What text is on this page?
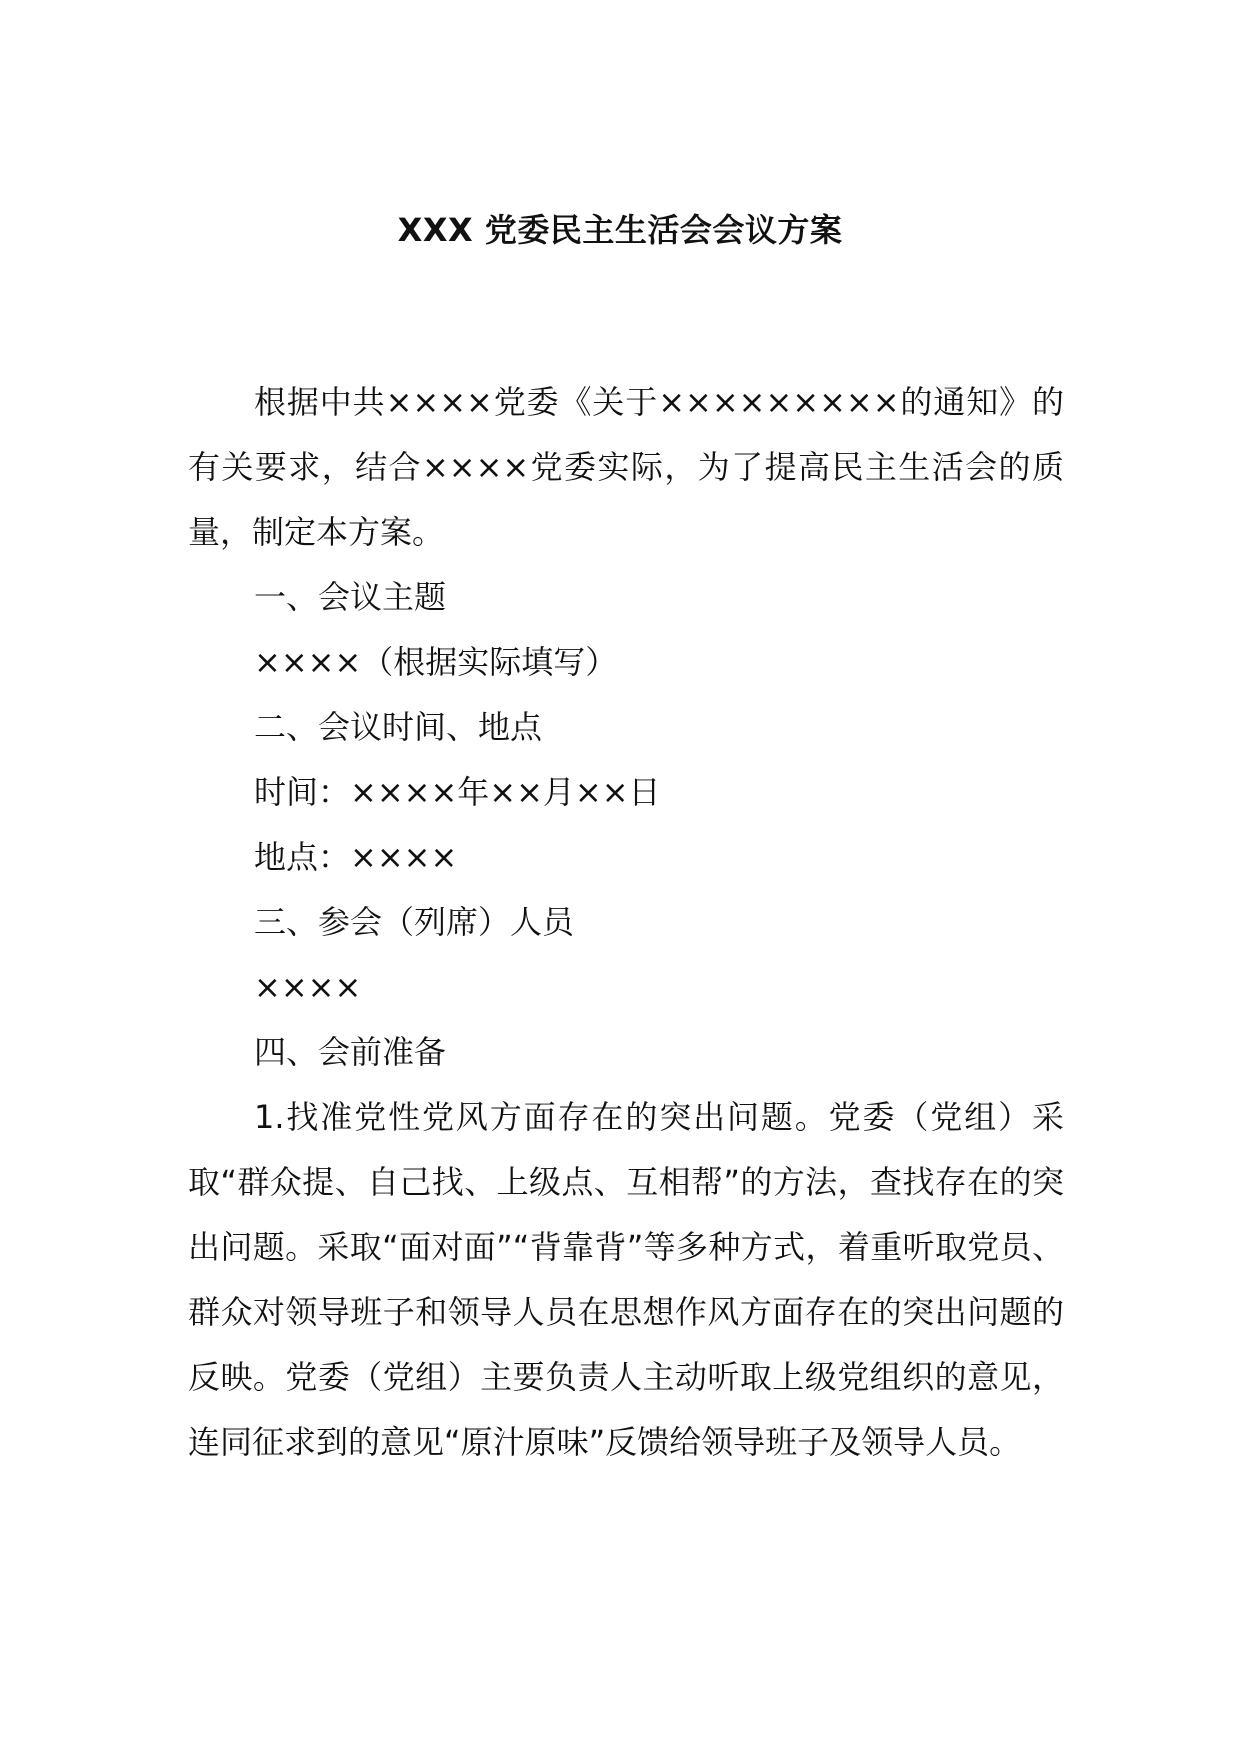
XXX 党委民主生活会会议方案

根据中共××××党委《关于×××××××××的通知》的有关要求，结合××××党委实际，为了提高民主生活会的质量，制定本方案。

一、会议主题

××××（根据实际填写）

二、会议时间、地点

时间：××××年××月××日

地点：××××

三、参会（列席）人员

××××

四、会前准备

1.找准党性党风方面存在的突出问题。党委（党组）采取“群众提、自己找、上级点、互相帮”的方法，查找存在的突出问题。采取“面对面”“背靠背”等多种方式，着重听取党员、群众对领导班子和领导人员在思想作风方面存在的突出问题的反映。党委（党组）主要负责人主动听取上级党组织的意见，连同征求到的意见“原汁原味”反馈给领导班子及领导人员。
